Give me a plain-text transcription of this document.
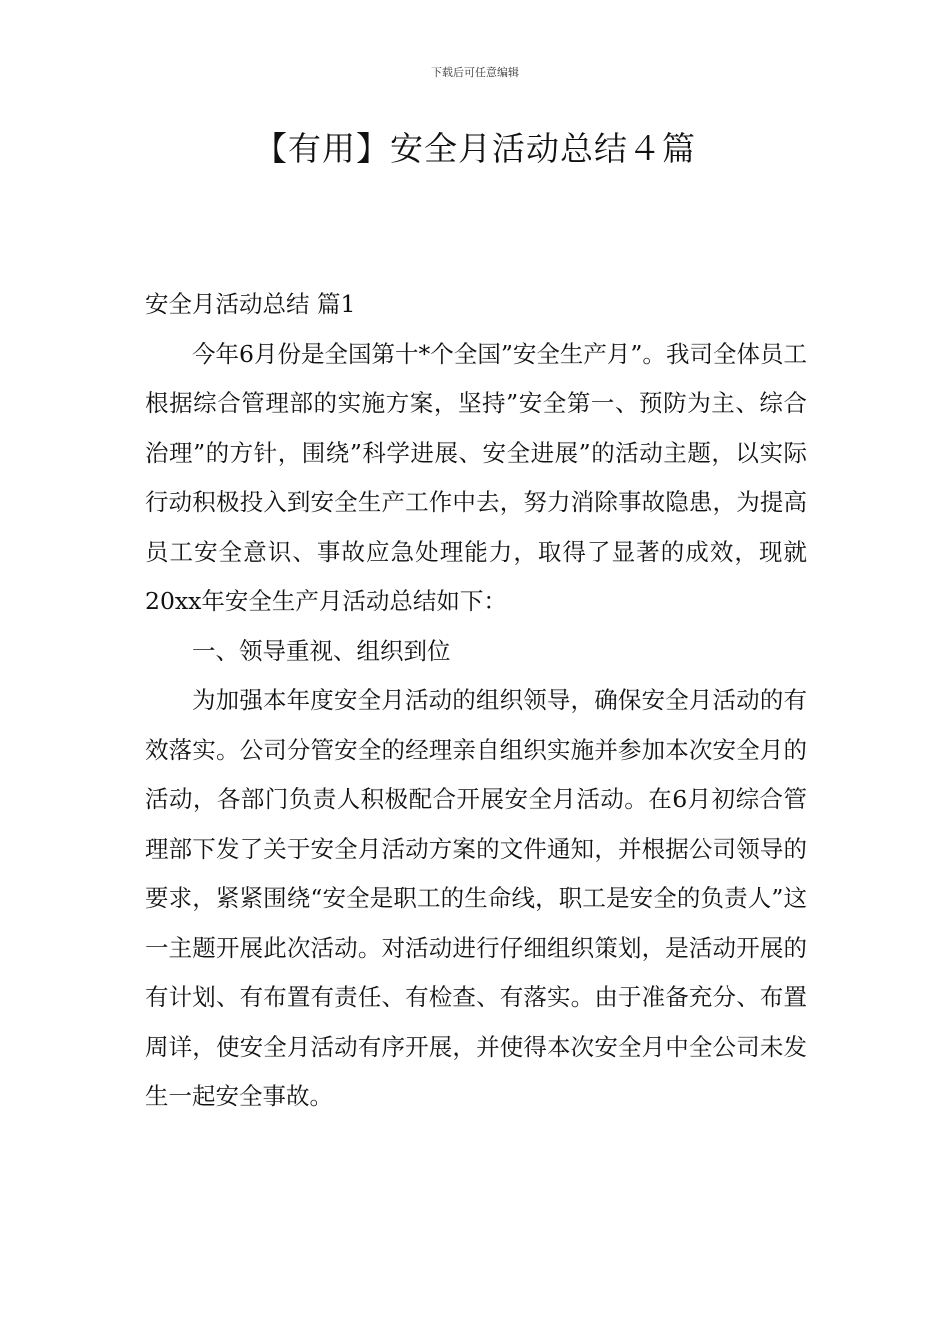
下载后可任意编辑
【有用】安全月活动总结４篇

安全月活动总结 篇1

今年6月份是全国第十*个全国”安全生产月”。我司全体员工根据综合管理部的实施方案，坚持”安全第一、预防为主、综合治理”的方针，围绕”科学进展、安全进展”的活动主题，以实际行动积极投入到安全生产工作中去，努力消除事故隐患，为提高员工安全意识、事故应急处理能力，取得了显著的成效，现就20xx年安全生产月活动总结如下：

一、领导重视、组织到位

为加强本年度安全月活动的组织领导，确保安全月活动的有效落实。公司分管安全的经理亲自组织实施并参加本次安全月的活动，各部门负责人积极配合开展安全月活动。在6月初综合管理部下发了关于安全月活动方案的文件通知，并根据公司领导的要求，紧紧围绕“安全是职工的生命线，职工是安全的负责人”这一主题开展此次活动。对活动进行仔细组织策划，是活动开展的有计划、有布置有责任、有检查、有落实。由于准备充分、布置周详，使安全月活动有序开展，并使得本次安全月中全公司未发生一起安全事故。
